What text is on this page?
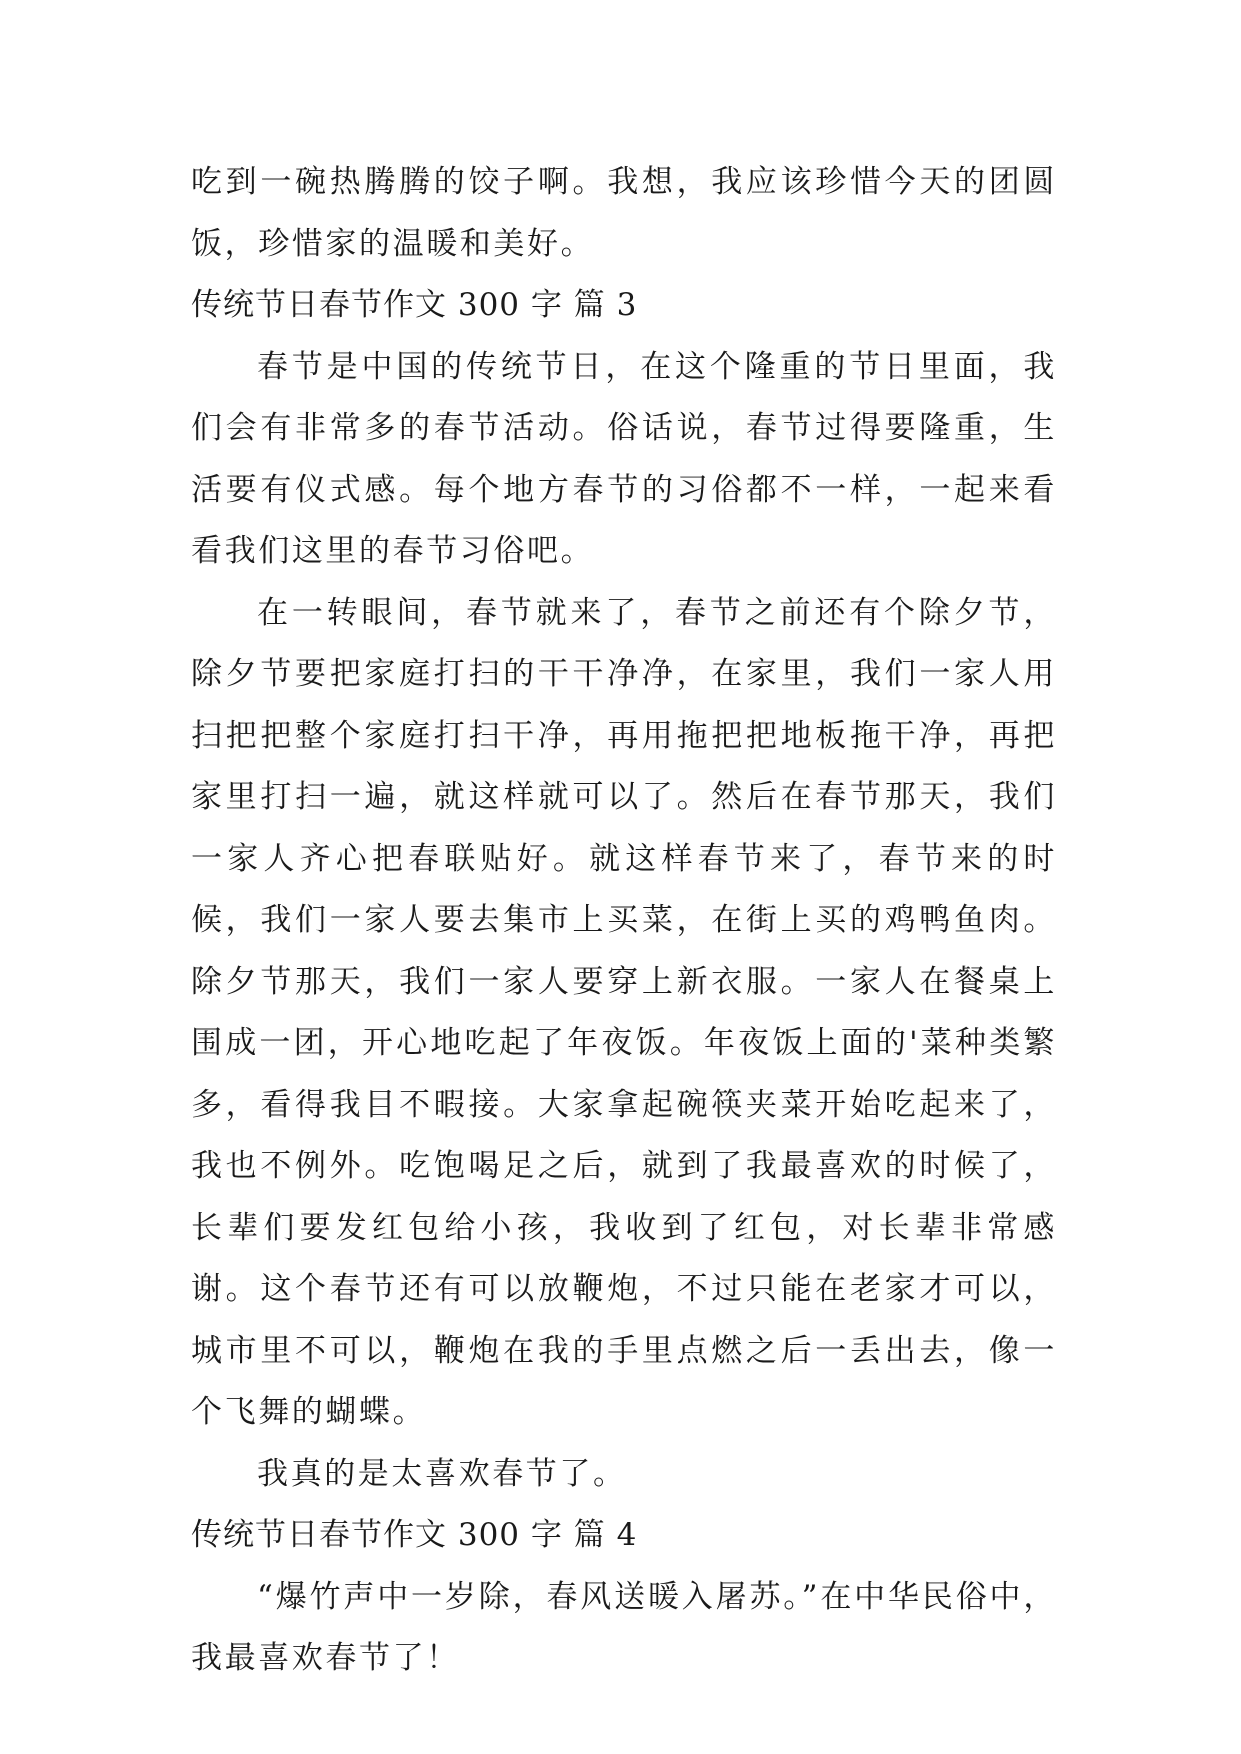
吃到一碗热腾腾的饺子啊。我想，我应该珍惜今天的团圆饭，珍惜家的温暖和美好。

传统节日春节作文 300 字 篇 3

春节是中国的传统节日，在这个隆重的节日里面，我们会有非常多的春节活动。俗话说，春节过得要隆重，生活要有仪式感。每个地方春节的习俗都不一样，一起来看看我们这里的春节习俗吧。

在一转眼间，春节就来了，春节之前还有个除夕节，除夕节要把家庭打扫的干干净净，在家里，我们一家人用扫把把整个家庭打扫干净，再用拖把把地板拖干净，再把家里打扫一遍，就这样就可以了。然后在春节那天，我们一家人齐心把春联贴好。就这样春节来了，春节来的时候，我们一家人要去集市上买菜，在街上买的鸡鸭鱼肉。除夕节那天，我们一家人要穿上新衣服。一家人在餐桌上围成一团，开心地吃起了年夜饭。年夜饭上面的'菜种类繁多，看得我目不暇接。大家拿起碗筷夹菜开始吃起来了，我也不例外。吃饱喝足之后，就到了我最喜欢的时候了，长辈们要发红包给小孩，我收到了红包，对长辈非常感谢。这个春节还有可以放鞭炮，不过只能在老家才可以，城市里不可以，鞭炮在我的手里点燃之后一丢出去，像一个飞舞的蝴蝶。

我真的是太喜欢春节了。

传统节日春节作文 300 字 篇 4

“爆竹声中一岁除，春风送暖入屠苏。”在中华民俗中，我最喜欢春节了！
